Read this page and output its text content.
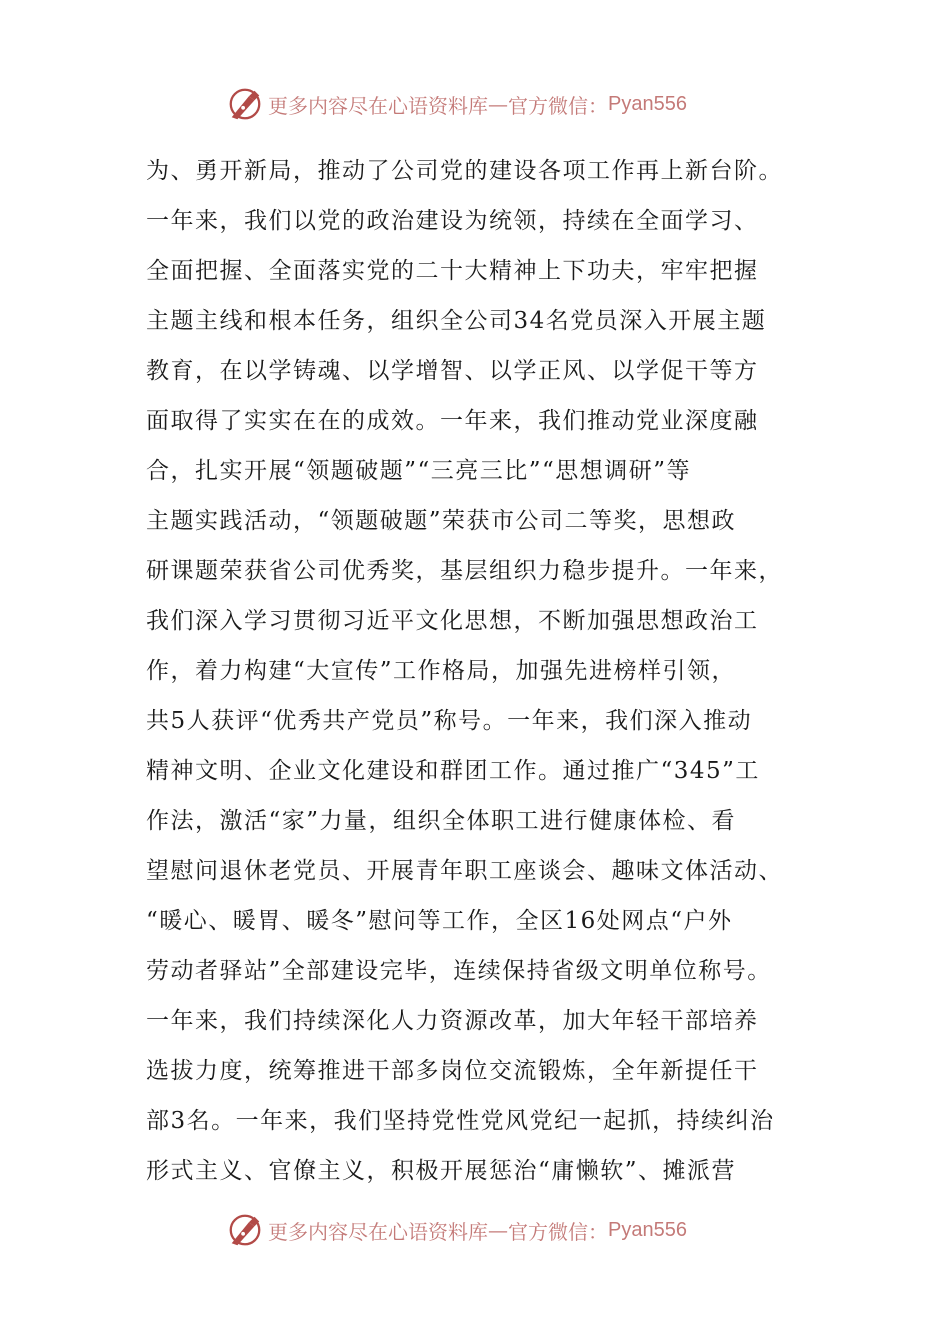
更多内容尽在心语资料库 — 官方微信： Pyan556
为、勇开新局，推动了公司党的建设各项工作再上新台阶。
一年来，我们以党的政治建设为统领，持续在全面学习、
全面把握、全面落实党的二十大精神上下功夫，牢牢把握
主题主线和根本任务，组织全公司34名党员深入开展主题
教育，在以学铸魂、以学增智、以学正风、以学促干等方
面取得了实实在在的成效。一年来，我们推动党业深度融
合，扎实开展“领题破题”“三亮三比”“思想调研”等
主题实践活动，“领题破题”荣获市公司二等奖，思想政
研课题荣获省公司优秀奖，基层组织力稳步提升。一年来，
我们深入学习贯彻习近平文化思想，不断加强思想政治工
作，着力构建“大宣传”工作格局，加强先进榜样引领，
共5人获评“优秀共产党员”称号。一年来，我们深入推动
精神文明、企业文化建设和群团工作。通过推广“345”工
作法，激活“家”力量，组织全体职工进行健康体检、看
望慰问退休老党员、开展青年职工座谈会、趣味文体活动、
“暖心、暖胃、暖冬”慰问等工作，全区16处网点“户外
劳动者驿站”全部建设完毕，连续保持省级文明单位称号。
一年来，我们持续深化人力资源改革，加大年轻干部培养
选拔力度，统筹推进干部多岗位交流锻炼，全年新提任干
部3名。一年来，我们坚持党性党风党纪一起抓，持续纠治
形式主义、官僚主义，积极开展惩治“庸懒软”、摊派营
更多内容尽在心语资料库 — 官方微信： Pyan556
